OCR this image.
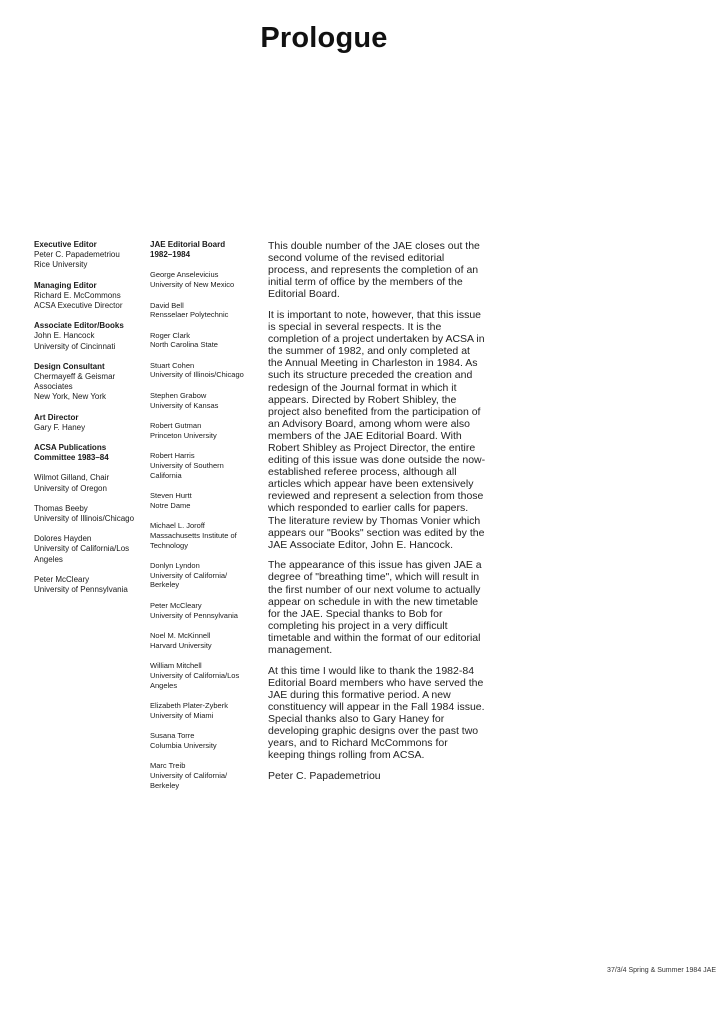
Prologue
Executive Editor
Peter C. Papademetriou
Rice University
Managing Editor
Richard E. McCommons
ACSA Executive Director
Associate Editor/Books
John E. Hancock
University of Cincinnati
Design Consultant
Chermayeff & Geismar
Associates
New York, New York
Art Director
Gary F. Haney
ACSA Publications Committee 1983–84
Wilmot Gilland, Chair
University of Oregon
Thomas Beeby
University of Illinois/Chicago
Dolores Hayden
University of California/Los
Angeles
Peter McCleary
University of Pennsylvania
JAE Editorial Board
1982–1984
George Anselevicius
University of New Mexico
David Bell
Rensselaer Polytechnic
Roger Clark
North Carolina State
Stuart Cohen
University of Illinois/Chicago
Stephen Grabow
University of Kansas
Robert Gutman
Princeton University
Robert Harris
University of Southern
California
Steven Hurtt
Notre Dame
Michael L. Joroff
Massachusetts Institute of
Technology
Donlyn Lyndon
University of California/
Berkeley
Peter McCleary
University of Pennsylvania
Noel M. McKinnell
Harvard University
William Mitchell
University of California/Los
Angeles
Elizabeth Plater-Zyberk
University of Miami
Susana Torre
Columbia University
Marc Treib
University of California/
Berkeley

This double number of the JAE closes out the second volume of the revised editorial process, and represents the completion of an initial term of office by the members of the Editorial Board.

It is important to note, however, that this issue is special in several respects. It is the completion of a project undertaken by ACSA in the summer of 1982, and only completed at the Annual Meeting in Charleston in 1984. As such its structure preceded the creation and redesign of the Journal format in which it appears. Directed by Robert Shibley, the project also benefited from the participation of an Advisory Board, among whom were also members of the JAE Editorial Board. With Robert Shibley as Project Director, the entire editing of this issue was done outside the now-established referee process, although all articles which appear have been extensively reviewed and represent a selection from those which responded to earlier calls for papers. The literature review by Thomas Vonier which appears our "Books" section was edited by the JAE Associate Editor, John E. Hancock.

The appearance of this issue has given JAE a degree of "breathing time", which will result in the first number of our next volume to actually appear on schedule in with the new timetable for the JAE. Special thanks to Bob for completing his project in a very difficult timetable and within the format of our editorial management.

At this time I would like to thank the 1982-84 Editorial Board members who have served the JAE during this formative period. A new constituency will appear in the Fall 1984 issue. Special thanks also to Gary Haney for developing graphic designs over the past two years, and to Richard McCommons for keeping things rolling from ACSA.

Peter C. Papademetriou
37/3/4 Spring & Summer 1984 JAE
